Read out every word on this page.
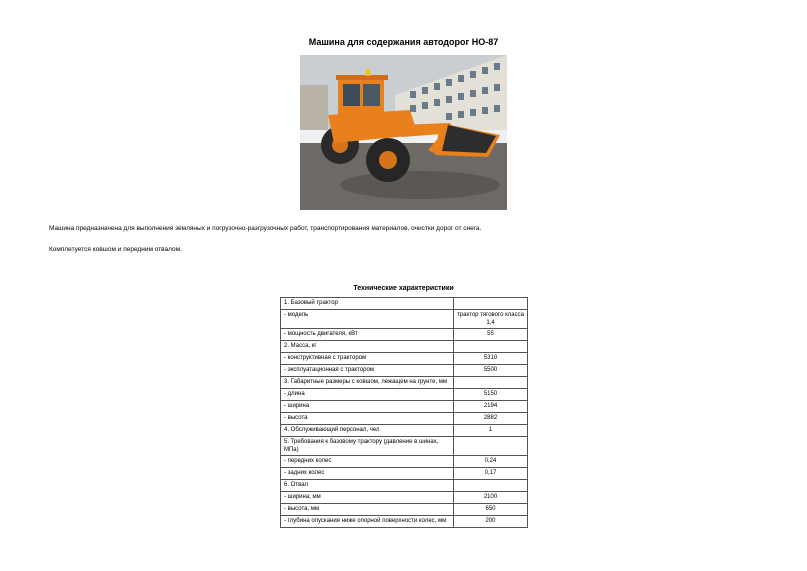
Машина для содержания автодорог НО-87
Машина предназначена для выполнения земляных и погрузочно-разгрузочных работ, транспортирования материалов, очистки дорог от снега.
Комплетуется ковшом и передним отвалом.
Технические характеристики
1. Базовый трактор	
- модель	трактор тягового класса 1,4
- мощность двигателя, кВт	55
2. Масса, кг	
- конструктивная с трактором	5310
- эксплуатационная с трактором	5500
3. Габаритные размеры с ковшом, лежащем на грунте, мм	
- длина	5150
- ширина	2194
- высота	2882
4. Обслуживающий персонал, чел	1
5. Требования к базовому трактору (давление в шинах, МПа)	
- передних колес	0,24
- задних колес	0,17
6. Отвал	
- ширина, мм	2100
- высота, мм	650
- глубина опускания ниже опорной поверхности колес, мм	200
